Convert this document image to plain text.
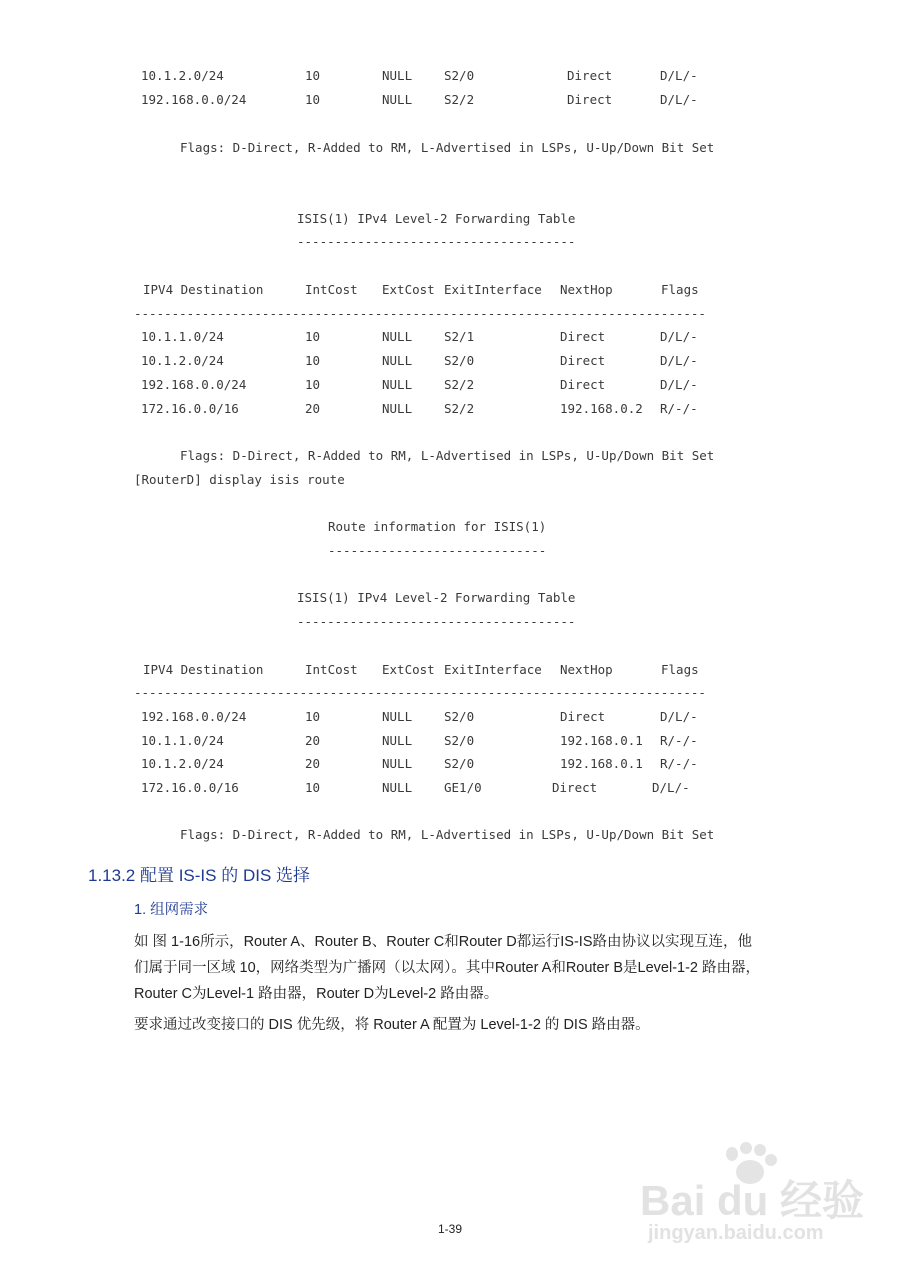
10.1.2.0/24	10	NULL	S2/0	Direct	D/L/-
192.168.0.0/24	10	NULL	S2/2	Direct	D/L/-
Flags: D-Direct, R-Added to RM, L-Advertised in LSPs, U-Up/Down Bit Set
ISIS(1) IPv4 Level-2 Forwarding Table
-------------------------------------
IPV4 Destination	IntCost ExtCost ExitInterface NextHop	Flags
----------------------------------------------------------------------------
10.1.1.0/24	10	NULL	S2/1	Direct	D/L/-
10.1.2.0/24	10	NULL	S2/0	Direct	D/L/-
192.168.0.0/24	10	NULL	S2/2	Direct	D/L/-
172.16.0.0/16	20	NULL	S2/2	192.168.0.2 R/-/-
Flags: D-Direct, R-Added to RM, L-Advertised in LSPs, U-Up/Down Bit Set
[RouterD] display isis route
Route information for ISIS(1)
-----------------------------
ISIS(1) IPv4 Level-2 Forwarding Table
-------------------------------------
IPV4 Destination	IntCost ExtCost ExitInterface NextHop	Flags
----------------------------------------------------------------------------
192.168.0.0/24	10	NULL	S2/0	Direct	D/L/-
10.1.1.0/24	20	NULL	S2/0	192.168.0.1 R/-/-
10.1.2.0/24	20	NULL	S2/0	192.168.0.1 R/-/-
172.16.0.0/16	10	NULL	GE1/0	Direct	D/L/-
Flags: D-Direct, R-Added to RM, L-Advertised in LSPs, U-Up/Down Bit Set
1.13.2 配置 IS-IS 的 DIS 选择
1. 组网需求
如 图 1-16所示，Router A、Router B、Router C和Router D都运行IS-IS路由协议以实现互连，他
们属于同一区域 10，网络类型为广播网（以太网）。其中Router A和Router B是Level-1-2 路由器，
Router C为Level-1 路由器，Router D为Level-2 路由器。
要求通过改变接口的 DIS 优先级，将 Router A 配置为 Level-1-2 的 DIS 路由器。
Bai du 经验
jingyan.baidu.com
1-39
